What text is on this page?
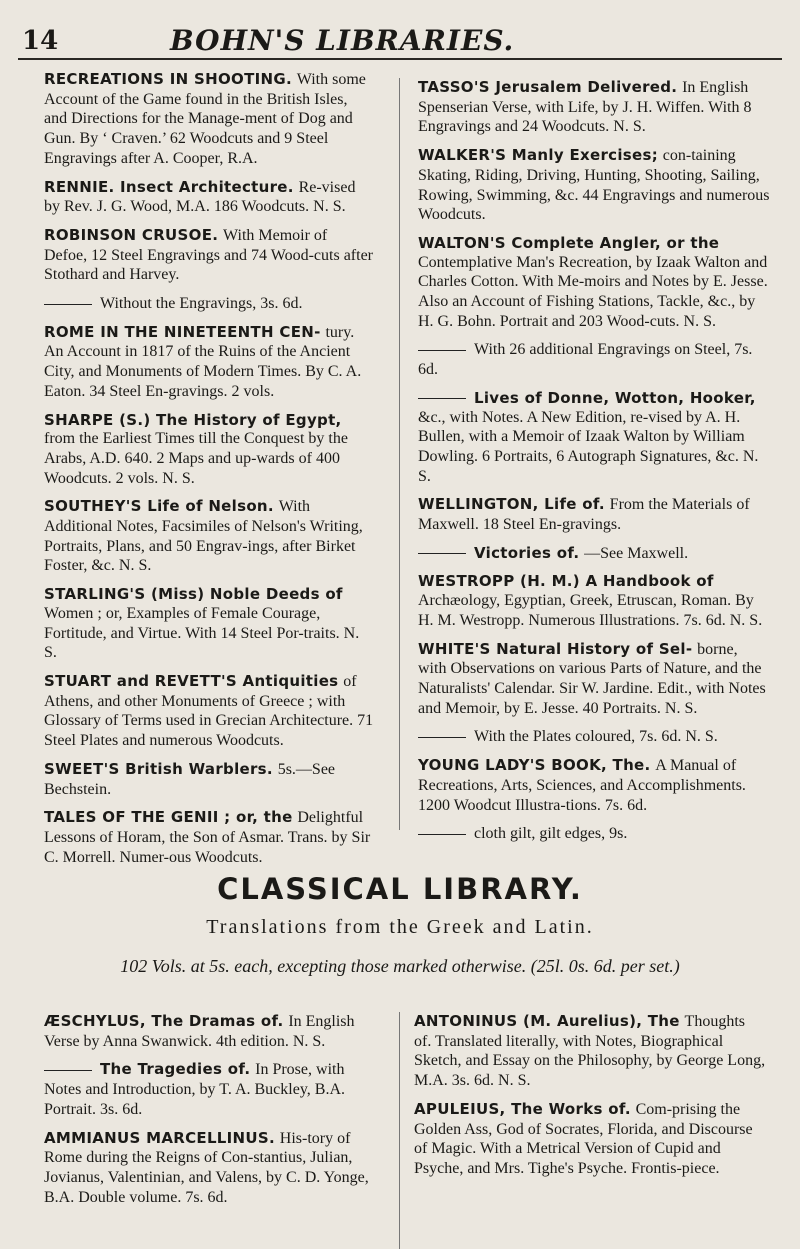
14	BOHN'S LIBRARIES.
RECREATIONS IN SHOOTING. With some Account of the Game found in the British Isles, and Directions for the Manage-ment of Dog and Gun. By ‘ Craven.’ 62 Woodcuts and 9 Steel Engravings after A. Cooper, R.A.
RENNIE. Insect Architecture. Re-vised by Rev. J. G. Wood, M.A. 186 Woodcuts. N. S.
ROBINSON CRUSOE. With Memoir of Defoe, 12 Steel Engravings and 74 Wood-cuts after Stothard and Harvey.
Without the Engravings, 3s. 6d.
ROME IN THE NINETEENTH CEN- tury. An Account in 1817 of the Ruins of the Ancient City, and Monuments of Modern Times. By C. A. Eaton. 34 Steel En-gravings. 2 vols.
SHARPE (S.) The History of Egypt, from the Earliest Times till the Conquest by the Arabs, A.D. 640. 2 Maps and up-wards of 400 Woodcuts. 2 vols. N. S.
SOUTHEY'S Life of Nelson. With Additional Notes, Facsimiles of Nelson's Writing, Portraits, Plans, and 50 Engrav-ings, after Birket Foster, &c. N. S.
STARLING'S (Miss) Noble Deeds of Women ; or, Examples of Female Courage, Fortitude, and Virtue. With 14 Steel Por-traits. N. S.
STUART and REVETT'S Antiquities of Athens, and other Monuments of Greece ; with Glossary of Terms used in Grecian Architecture. 71 Steel Plates and numerous Woodcuts.
SWEET'S British Warblers. 5s.—See Bechstein.
TALES OF THE GENII ; or, the Delightful Lessons of Horam, the Son of Asmar. Trans. by Sir C. Morrell. Numer-ous Woodcuts.
TASSO'S Jerusalem Delivered. In English Spenserian Verse, with Life, by J. H. Wiffen. With 8 Engravings and 24 Woodcuts. N. S.
WALKER'S Manly Exercises; con-taining Skating, Riding, Driving, Hunting, Shooting, Sailing, Rowing, Swimming, &c. 44 Engravings and numerous Woodcuts.
WALTON'S Complete Angler, or the Contemplative Man's Recreation, by Izaak Walton and Charles Cotton. With Me-moirs and Notes by E. Jesse. Also an Account of Fishing Stations, Tackle, &c., by H. G. Bohn. Portrait and 203 Wood-cuts. N. S.
With 26 additional Engravings on Steel, 7s. 6d.
Lives of Donne, Wotton, Hooker, &c., with Notes. A New Edition, re-vised by A. H. Bullen, with a Memoir of Izaak Walton by William Dowling. 6 Portraits, 6 Autograph Signatures, &c. N. S.
WELLINGTON, Life of. From the Materials of Maxwell. 18 Steel En-gravings.
Victories of. —See Maxwell.
WESTROPP (H. M.) A Handbook of Archæology, Egyptian, Greek, Etruscan, Roman. By H. M. Westropp. Numerous Illustrations. 7s. 6d. N. S.
WHITE'S Natural History of Sel- borne, with Observations on various Parts of Nature, and the Naturalists' Calendar. Sir W. Jardine. Edit., with Notes and Memoir, by E. Jesse. 40 Portraits. N. S.
With the Plates coloured, 7s. 6d. N. S.
YOUNG LADY'S BOOK, The. A Manual of Recreations, Arts, Sciences, and Accomplishments. 1200 Woodcut Illustra-tions. 7s. 6d.
cloth gilt, gilt edges, 9s.
CLASSICAL LIBRARY.
Translations from the Greek and Latin.
102 Vols. at 5s. each, excepting those marked otherwise. (25l. 0s. 6d. per set.)
ÆSCHYLUS, The Dramas of. In English Verse by Anna Swanwick. 4th edition. N. S.
The Tragedies of. In Prose, with Notes and Introduction, by T. A. Buckley, B.A. Portrait. 3s. 6d.
AMMIANUS MARCELLINUS. His-tory of Rome during the Reigns of Con-stantius, Julian, Jovianus, Valentinian, and Valens, by C. D. Yonge, B.A. Double volume. 7s. 6d.
ANTONINUS (M. Aurelius), The Thoughts of. Translated literally, with Notes, Biographical Sketch, and Essay on the Philosophy, by George Long, M.A. 3s. 6d. N. S.
APULEIUS, The Works of. Com-prising the Golden Ass, God of Socrates, Florida, and Discourse of Magic. With a Metrical Version of Cupid and Psyche, and Mrs. Tighe's Psyche. Frontis-piece.
